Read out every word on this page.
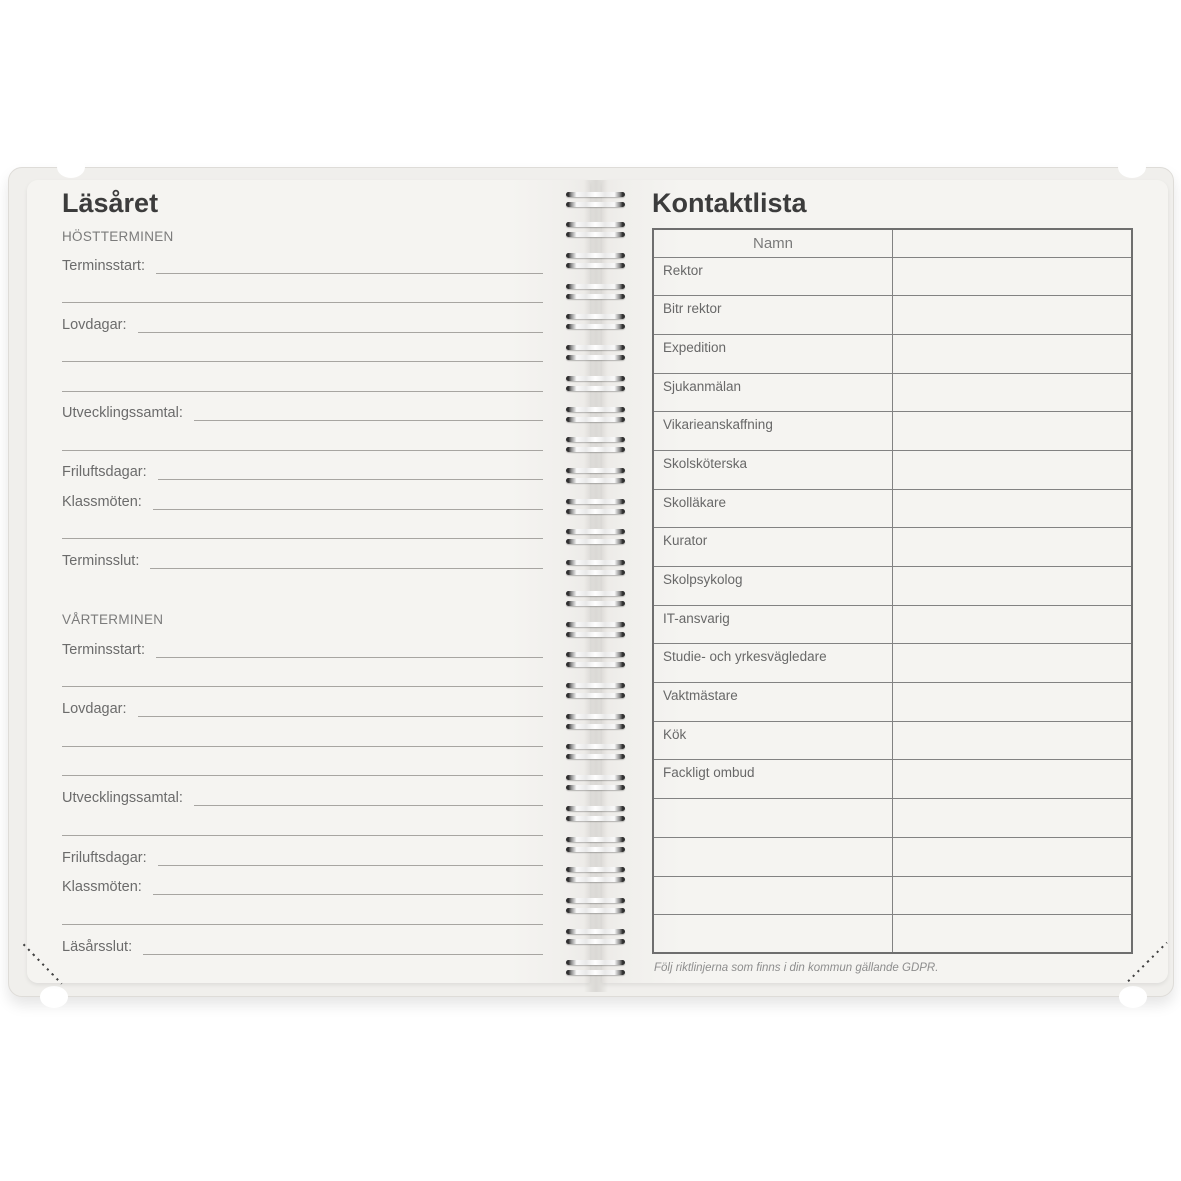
Läsåret
HÖSTTERMINEN
Terminsstart:
Lovdagar:
Utvecklingssamtal:
Friluftsdagar:
Klassmöten:
Terminsslut:
VÅRTERMINEN
Terminsstart:
Lovdagar:
Utvecklingssamtal:
Friluftsdagar:
Klassmöten:
Läsårsslut:
Kontaktlista
Namn	
Rektor	
Bitr rektor	
Expedition	
Sjukanmälan	
Vikarieanskaffning	
Skolsköterska	
Skolläkare	
Kurator	
Skolpsykolog	
IT-ansvarig	
Studie- och yrkesvägledare	
Vaktmästare	
Kök	
Fackligt ombud	

Följ riktlinjerna som finns i din kommun gällande GDPR.
